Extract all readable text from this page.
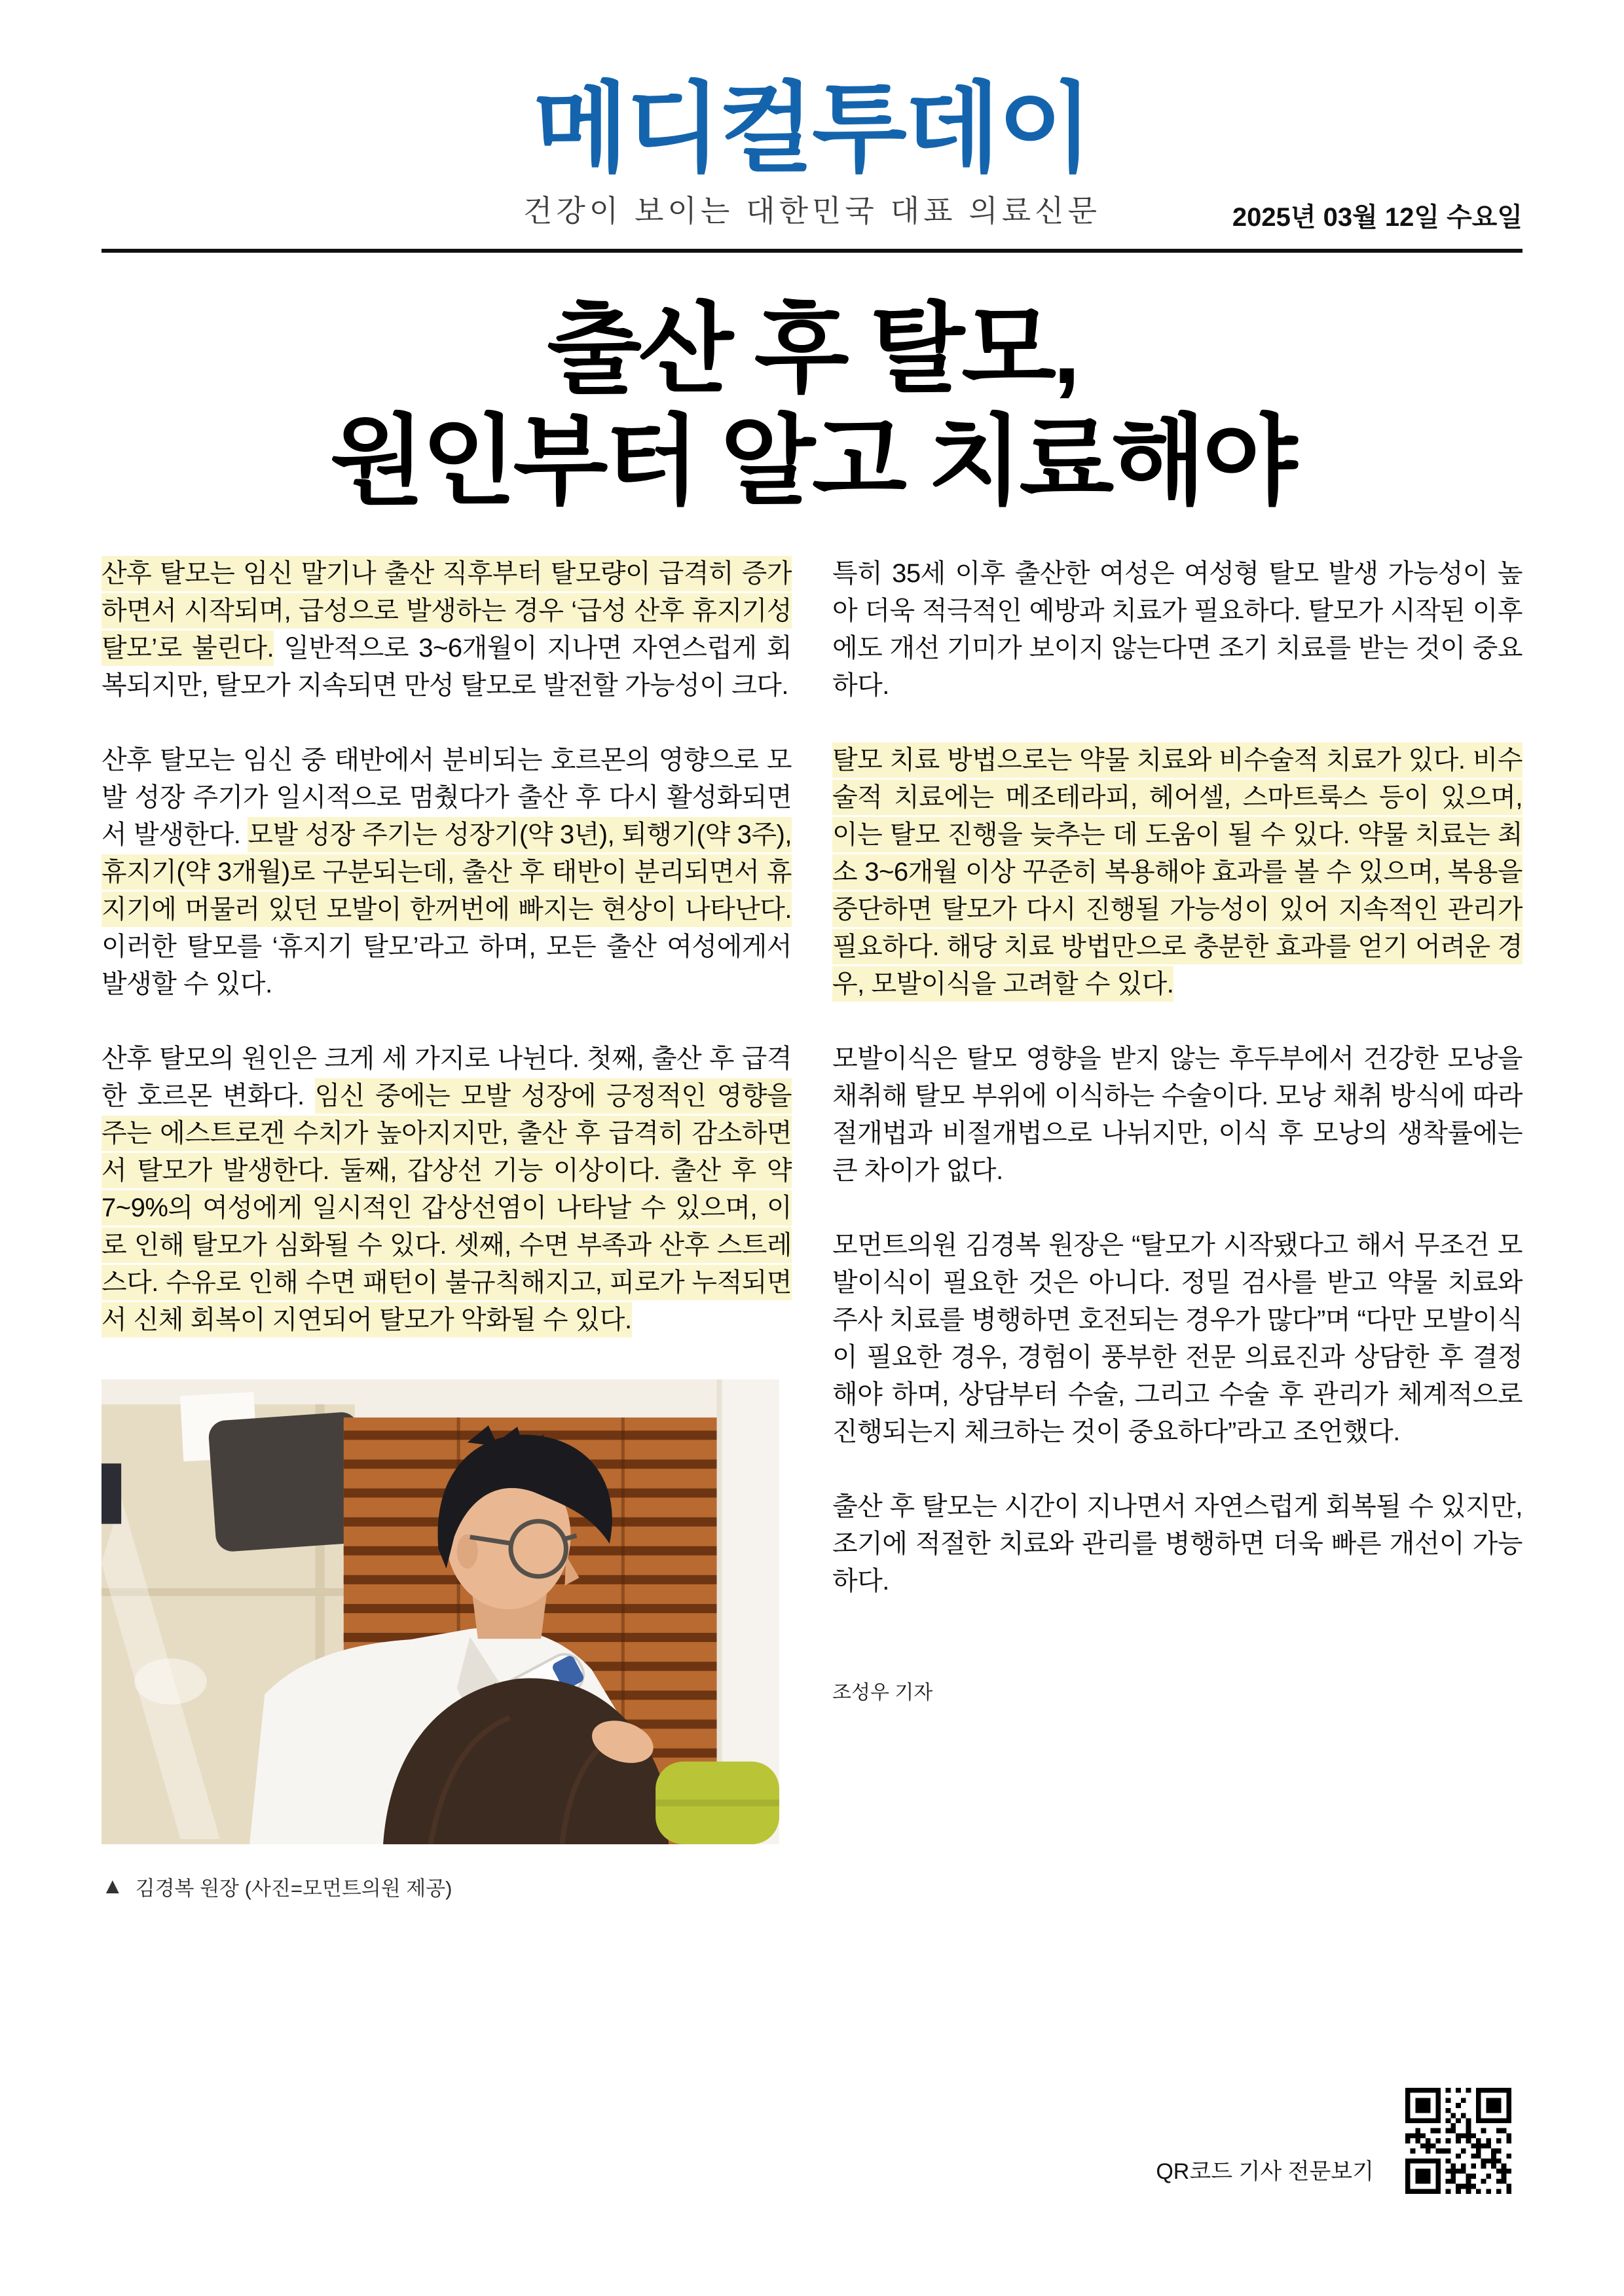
메디컬투데이
건강이 보이는 대한민국 대표 의료신문	2025년 03월 12일 수요일
출산 후 탈모,
원인부터 알고 치료해야

산후 탈모는 임신 말기나 출산 직후부터 탈모량이 급격히 증가하면서 시작되며, 급성으로 발생하는 경우 ‘급성 산후 휴지기성 탈모’로 불린다. 일반적으로 3~6개월이 지나면 자연스럽게 회복되지만, 탈모가 지속되면 만성 탈모로 발전할 가능성이 크다.

산후 탈모는 임신 중 태반에서 분비되는 호르몬의 영향으로 모발 성장 주기가 일시적으로 멈췄다가 출산 후 다시 활성화되면서 발생한다. 모발 성장 주기는 성장기(약 3년), 퇴행기(약 3주), 휴지기(약 3개월)로 구분되는데, 출산 후 태반이 분리되면서 휴지기에 머물러 있던 모발이 한꺼번에 빠지는 현상이 나타난다. 이러한 탈모를 ‘휴지기 탈모’라고 하며, 모든 출산 여성에게서 발생할 수 있다.

산후 탈모의 원인은 크게 세 가지로 나뉜다. 첫째, 출산 후 급격한 호르몬 변화다. 임신 중에는 모발 성장에 긍정적인 영향을 주는 에스트로겐 수치가 높아지지만, 출산 후 급격히 감소하면서 탈모가 발생한다. 둘째, 갑상선 기능 이상이다. 출산 후 약 7~9%의 여성에게 일시적인 갑상선염이 나타날 수 있으며, 이로 인해 탈모가 심화될 수 있다. 셋째, 수면 부족과 산후 스트레스다. 수유로 인해 수면 패턴이 불규칙해지고, 피로가 누적되면서 신체 회복이 지연되어 탈모가 악화될 수 있다.

▲ 김경복 원장 (사진=모먼트의원 제공)

특히 35세 이후 출산한 여성은 여성형 탈모 발생 가능성이 높아 더욱 적극적인 예방과 치료가 필요하다. 탈모가 시작된 이후에도 개선 기미가 보이지 않는다면 조기 치료를 받는 것이 중요하다.

탈모 치료 방법으로는 약물 치료와 비수술적 치료가 있다. 비수술적 치료에는 메조테라피, 헤어셀, 스마트룩스 등이 있으며, 이는 탈모 진행을 늦추는 데 도움이 될 수 있다. 약물 치료는 최소 3~6개월 이상 꾸준히 복용해야 효과를 볼 수 있으며, 복용을 중단하면 탈모가 다시 진행될 가능성이 있어 지속적인 관리가 필요하다. 해당 치료 방법만으로 충분한 효과를 얻기 어려운 경우, 모발이식을 고려할 수 있다.

모발이식은 탈모 영향을 받지 않는 후두부에서 건강한 모낭을 채취해 탈모 부위에 이식하는 수술이다. 모낭 채취 방식에 따라 절개법과 비절개법으로 나뉘지만, 이식 후 모낭의 생착률에는 큰 차이가 없다.

모먼트의원 김경복 원장은 “탈모가 시작됐다고 해서 무조건 모발이식이 필요한 것은 아니다. 정밀 검사를 받고 약물 치료와 주사 치료를 병행하면 호전되는 경우가 많다”며 “다만 모발이식이 필요한 경우, 경험이 풍부한 전문 의료진과 상담한 후 결정해야 하며, 상담부터 수술, 그리고 수술 후 관리가 체계적으로 진행되는지 체크하는 것이 중요하다”라고 조언했다.

출산 후 탈모는 시간이 지나면서 자연스럽게 회복될 수 있지만, 조기에 적절한 치료와 관리를 병행하면 더욱 빠른 개선이 가능하다.

조성우 기자
QR코드 기사 전문보기
